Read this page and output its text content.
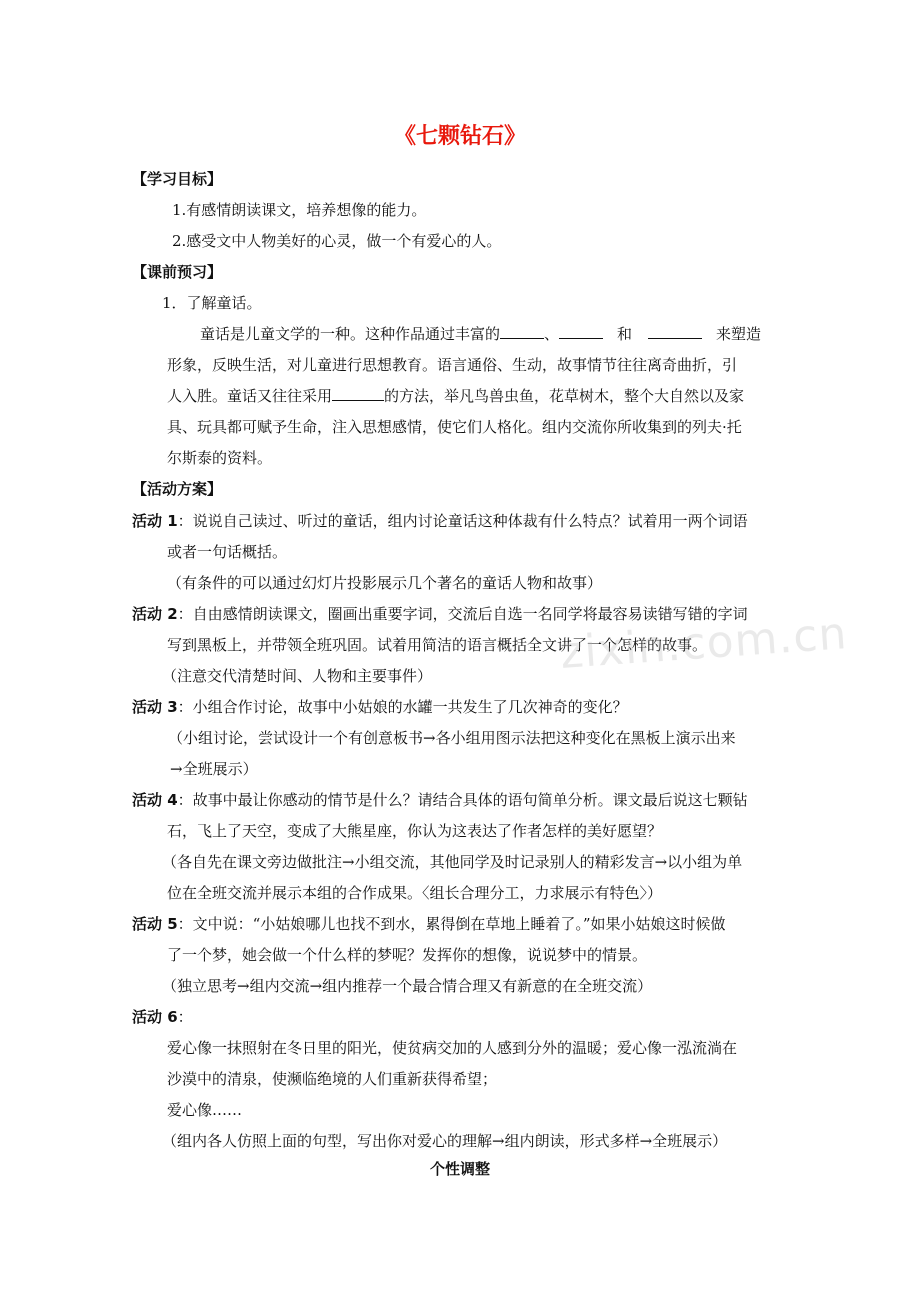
《七颗钻石》
【学习目标】
1.有感情朗读课文，培养想像的能力。
2.感受文中人物美好的心灵，做一个有爱心的人。
【课前预习】
1．了解童话。
童话是儿童文学的一种。这种作品通过丰富的	、	和	来塑造
形象，反映生活，对儿童进行思想教育。语言通俗、生动，故事情节往往离奇曲折，引
人入胜。童话又往往采用	的方法，举凡鸟兽虫鱼，花草树木，整个大自然以及家
具、玩具都可赋予生命，注入思想感情，使它们人格化。组内交流你所收集到的列夫·托
尔斯泰的资料。
【活动方案】
活动 1：说说自己读过、听过的童话，组内讨论童话这种体裁有什么特点？试着用一两个词语
或者一句话概括。
（有条件的可以通过幻灯片投影展示几个著名的童话人物和故事）
活动 2：自由感情朗读课文，圈画出重要字词，交流后自选一名同学将最容易读错写错的字词
写到黑板上，并带领全班巩固。试着用简洁的语言概括全文讲了一个怎样的故事。
（注意交代清楚时间、人物和主要事件）
活动 3：小组合作讨论，故事中小姑娘的水罐一共发生了几次神奇的变化？
（小组讨论，尝试设计一个有创意板书→各小组用图示法把这种变化在黑板上演示出来
→全班展示）
活动 4：故事中最让你感动的情节是什么？请结合具体的语句简单分析。课文最后说这七颗钻
石，飞上了天空，变成了大熊星座，你认为这表达了作者怎样的美好愿望？
（各自先在课文旁边做批注→小组交流，其他同学及时记录别人的精彩发言→以小组为单
位在全班交流并展示本组的合作成果。〈组长合理分工，力求展示有特色〉）
活动 5：文中说：“小姑娘哪儿也找不到水，累得倒在草地上睡着了。”如果小姑娘这时候做
了一个梦，她会做一个什么样的梦呢？发挥你的想像，说说梦中的情景。
（独立思考→组内交流→组内推荐一个最合情合理又有新意的在全班交流）
活动 6：
爱心像一抹照射在冬日里的阳光，使贫病交加的人感到分外的温暖；爱心像一泓流淌在
沙漠中的清泉，使濒临绝境的人们重新获得希望；
爱心像……
（组内各人仿照上面的句型，写出你对爱心的理解→组内朗读，形式多样→全班展示）
个性调整
zixin.com.cn
